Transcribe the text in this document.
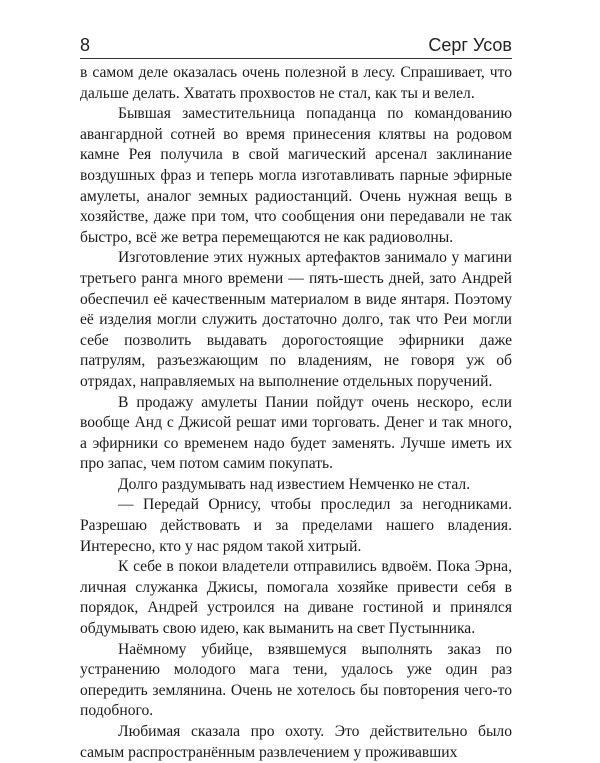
8	Серг Усов

в самом деле оказалась очень полезной в лесу. Спрашивает, что дальше делать. Хватать прохвостов не стал, как ты и велел.

Бывшая заместительница попаданца по командованию авангардной сотней во время принесения клятвы на родовом камне Рея получила в свой магический арсенал заклинание воздушных фраз и теперь могла изготавливать парные эфирные амулеты, аналог земных радиостанций. Очень нужная вещь в хозяйстве, даже при том, что сообщения они передавали не так быстро, всё же ветра перемещаются не как радиоволны.

Изготовление этих нужных артефактов занимало у магини третьего ранга много времени — пять-шесть дней, зато Андрей обеспечил её качественным материалом в виде янтаря. Поэтому её изделия могли служить достаточно долго, так что Реи могли себе позволить выдавать дорогостоящие эфирники даже патрулям, разъезжающим по владениям, не говоря уж об отрядах, направляемых на выполнение отдельных поручений.

В продажу амулеты Пании пойдут очень нескоро, если вообще Анд с Джисой решат ими торговать. Денег и так много, а эфирники со временем надо будет заменять. Лучше иметь их про запас, чем потом самим покупать.

Долго раздумывать над известием Немченко не стал.

— Передай Орнису, чтобы проследил за негодниками. Разрешаю действовать и за пределами нашего владения. Интересно, кто у нас рядом такой хитрый.

К себе в покои владетели отправились вдвоём. Пока Эрна, личная служанка Джисы, помогала хозяйке привести себя в порядок, Андрей устроился на диване гостиной и принялся обдумывать свою идею, как выманить на свет Пустынника.

Наёмному убийце, взявшемуся выполнять заказ по устранению молодого мага тени, удалось уже один раз опередить землянина. Очень не хотелось бы повторения чего-то подобного.

Любимая сказала про охоту. Это действительно было самым распространённым развлечением у проживавших
